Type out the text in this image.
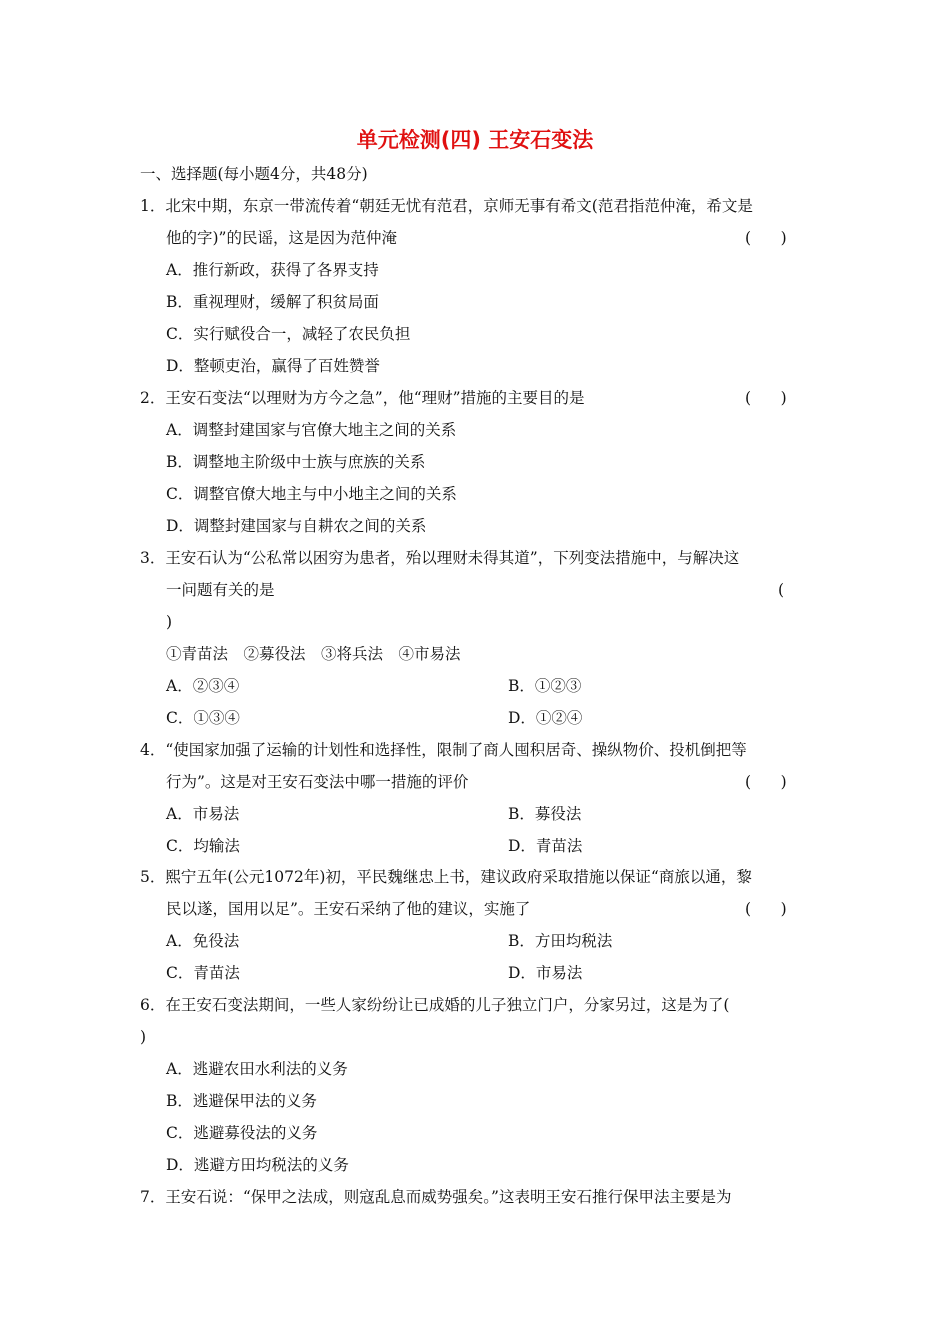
单元检测(四) 王安石变法
一、选择题(每小题4分，共48分)
1．北宋中期，东京一带流传着“朝廷无忧有范君，京师无事有希文(范君指范仲淹，希文是
他的字)”的民谣，这是因为范仲淹	(      )
A．推行新政，获得了各界支持
B．重视理财，缓解了积贫局面
C．实行赋役合一，减轻了农民负担
D．整顿吏治，赢得了百姓赞誉
2．王安石变法“以理财为方今之急”，他“理财”措施的主要目的是	(      )
A．调整封建国家与官僚大地主之间的关系
B．调整地主阶级中士族与庶族的关系
C．调整官僚大地主与中小地主之间的关系
D．调整封建国家与自耕农之间的关系
3．王安石认为“公私常以困穷为患者，殆以理财未得其道”，下列变法措施中，与解决这
一问题有关的是	(
)
①青苗法　②募役法　③将兵法　④市易法
A．②③④	B．①②③
C．①③④	D．①②④
4．“使国家加强了运输的计划性和选择性，限制了商人囤积居奇、操纵物价、投机倒把等
行为”。这是对王安石变法中哪一措施的评价	(      )
A．市易法	B．募役法
C．均输法	D．青苗法
5．熙宁五年(公元1072年)初，平民魏继忠上书，建议政府采取措施以保证“商旅以通，黎
民以遂，国用以足”。王安石采纳了他的建议，实施了	(      )
A．免役法	B．方田均税法
C．青苗法	D．市易法
6．在王安石变法期间，一些人家纷纷让已成婚的儿子独立门户，分家另过，这是为了(
)
A．逃避农田水利法的义务
B．逃避保甲法的义务
C．逃避募役法的义务
D．逃避方田均税法的义务
7．王安石说：“保甲之法成，则寇乱息而威势强矣。”这表明王安石推行保甲法主要是为
